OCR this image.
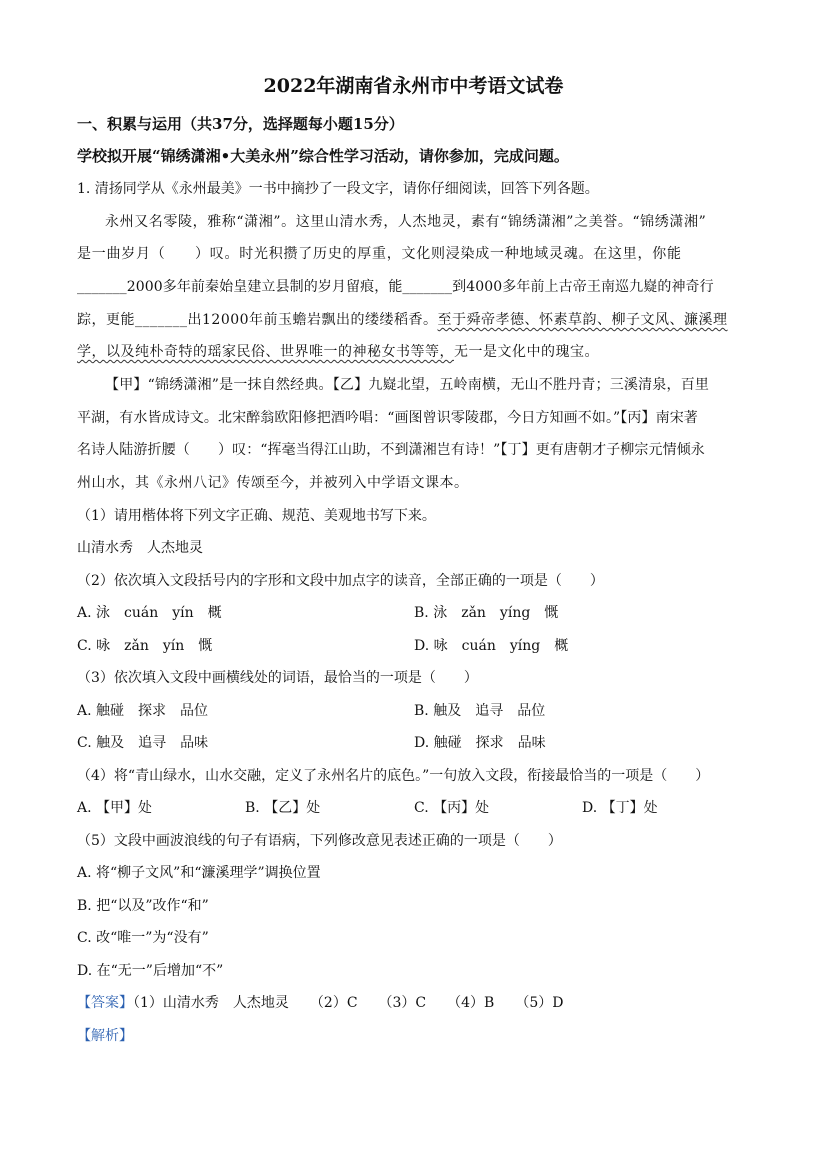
2022年湖南省永州市中考语文试卷
一、积累与运用（共37分，选择题每小题15分）
学校拟开展“锦绣潇湘•大美永州”综合性学习活动，请你参加，完成问题。
1. 清扬同学从《永州最美》一书中摘抄了一段文字，请你仔细阅读，回答下列各题。
永州又名零陵，雅称“潇湘”。这里山清水秀，人杰地灵，素有“锦绣潇湘”之美誉。“锦绣潇湘”
是一曲岁月（　　）叹。时光积攒了历史的厚重，文化则浸染成一种地域灵魂。在这里，你能
_______2000多年前秦始皇建立县制的岁月留痕，能_______到4000多年前上古帝王南巡九嶷的神奇行
踪，更能_______出12000年前玉蟾岩飘出的缕缕稻香。至于舜帝孝德、怀素草韵、柳子文风、濂溪理
学，以及纯朴奇特的瑶家民俗、世界唯一的神秘女书等等，无一是文化中的瑰宝。
【甲】“锦绣潇湘”是一抹自然经典。【乙】九嶷北望，五岭南横，无山不胜丹青；三溪清泉，百里
平湖，有水皆成诗文。北宋醉翁欧阳修把酒吟唱：“画图曾识零陵郡，今日方知画不如。”【丙】南宋著
名诗人陆游折腰（　　）叹：“挥毫当得江山助，不到潇湘岂有诗！”【丁】更有唐朝才子柳宗元情倾永
州山水，其《永州八记》传颂至今，并被列入中学语文课本。
（1）请用楷体将下列文字正确、规范、美观地书写下来。
山清水秀　人杰地灵
（2）依次填入文段括号内的字形和文段中加点字的读音，全部正确的一项是（　　）
A. 泳　cuán　yín　概	B. 泳　zǎn　yíng　慨
C. 咏　zǎn　yín　慨	D. 咏　cuán　yíng　概
（3）依次填入文段中画横线处的词语，最恰当的一项是（　　）
A. 触碰　探求　品位	B. 触及　追寻　品位
C. 触及　追寻　品味	D. 触碰　探求　品味
（4）将“青山绿水，山水交融，定义了永州名片的底色。”一句放入文段，衔接最恰当的一项是（　　）
A. 【甲】处	B. 【乙】处	C. 【丙】处	D. 【丁】处
（5）文段中画波浪线的句子有语病，下列修改意见表述正确的一项是（　　）
A. 将“柳子文风”和“濂溪理学”调换位置
B. 把“以及”改作“和”
C. 改“唯一”为“没有”
D. 在“无一”后增加“不”
【答案】（1）山清水秀　人杰地灵　　（2）C　　（3）C　　（4）B　　（5）D
【解析】
